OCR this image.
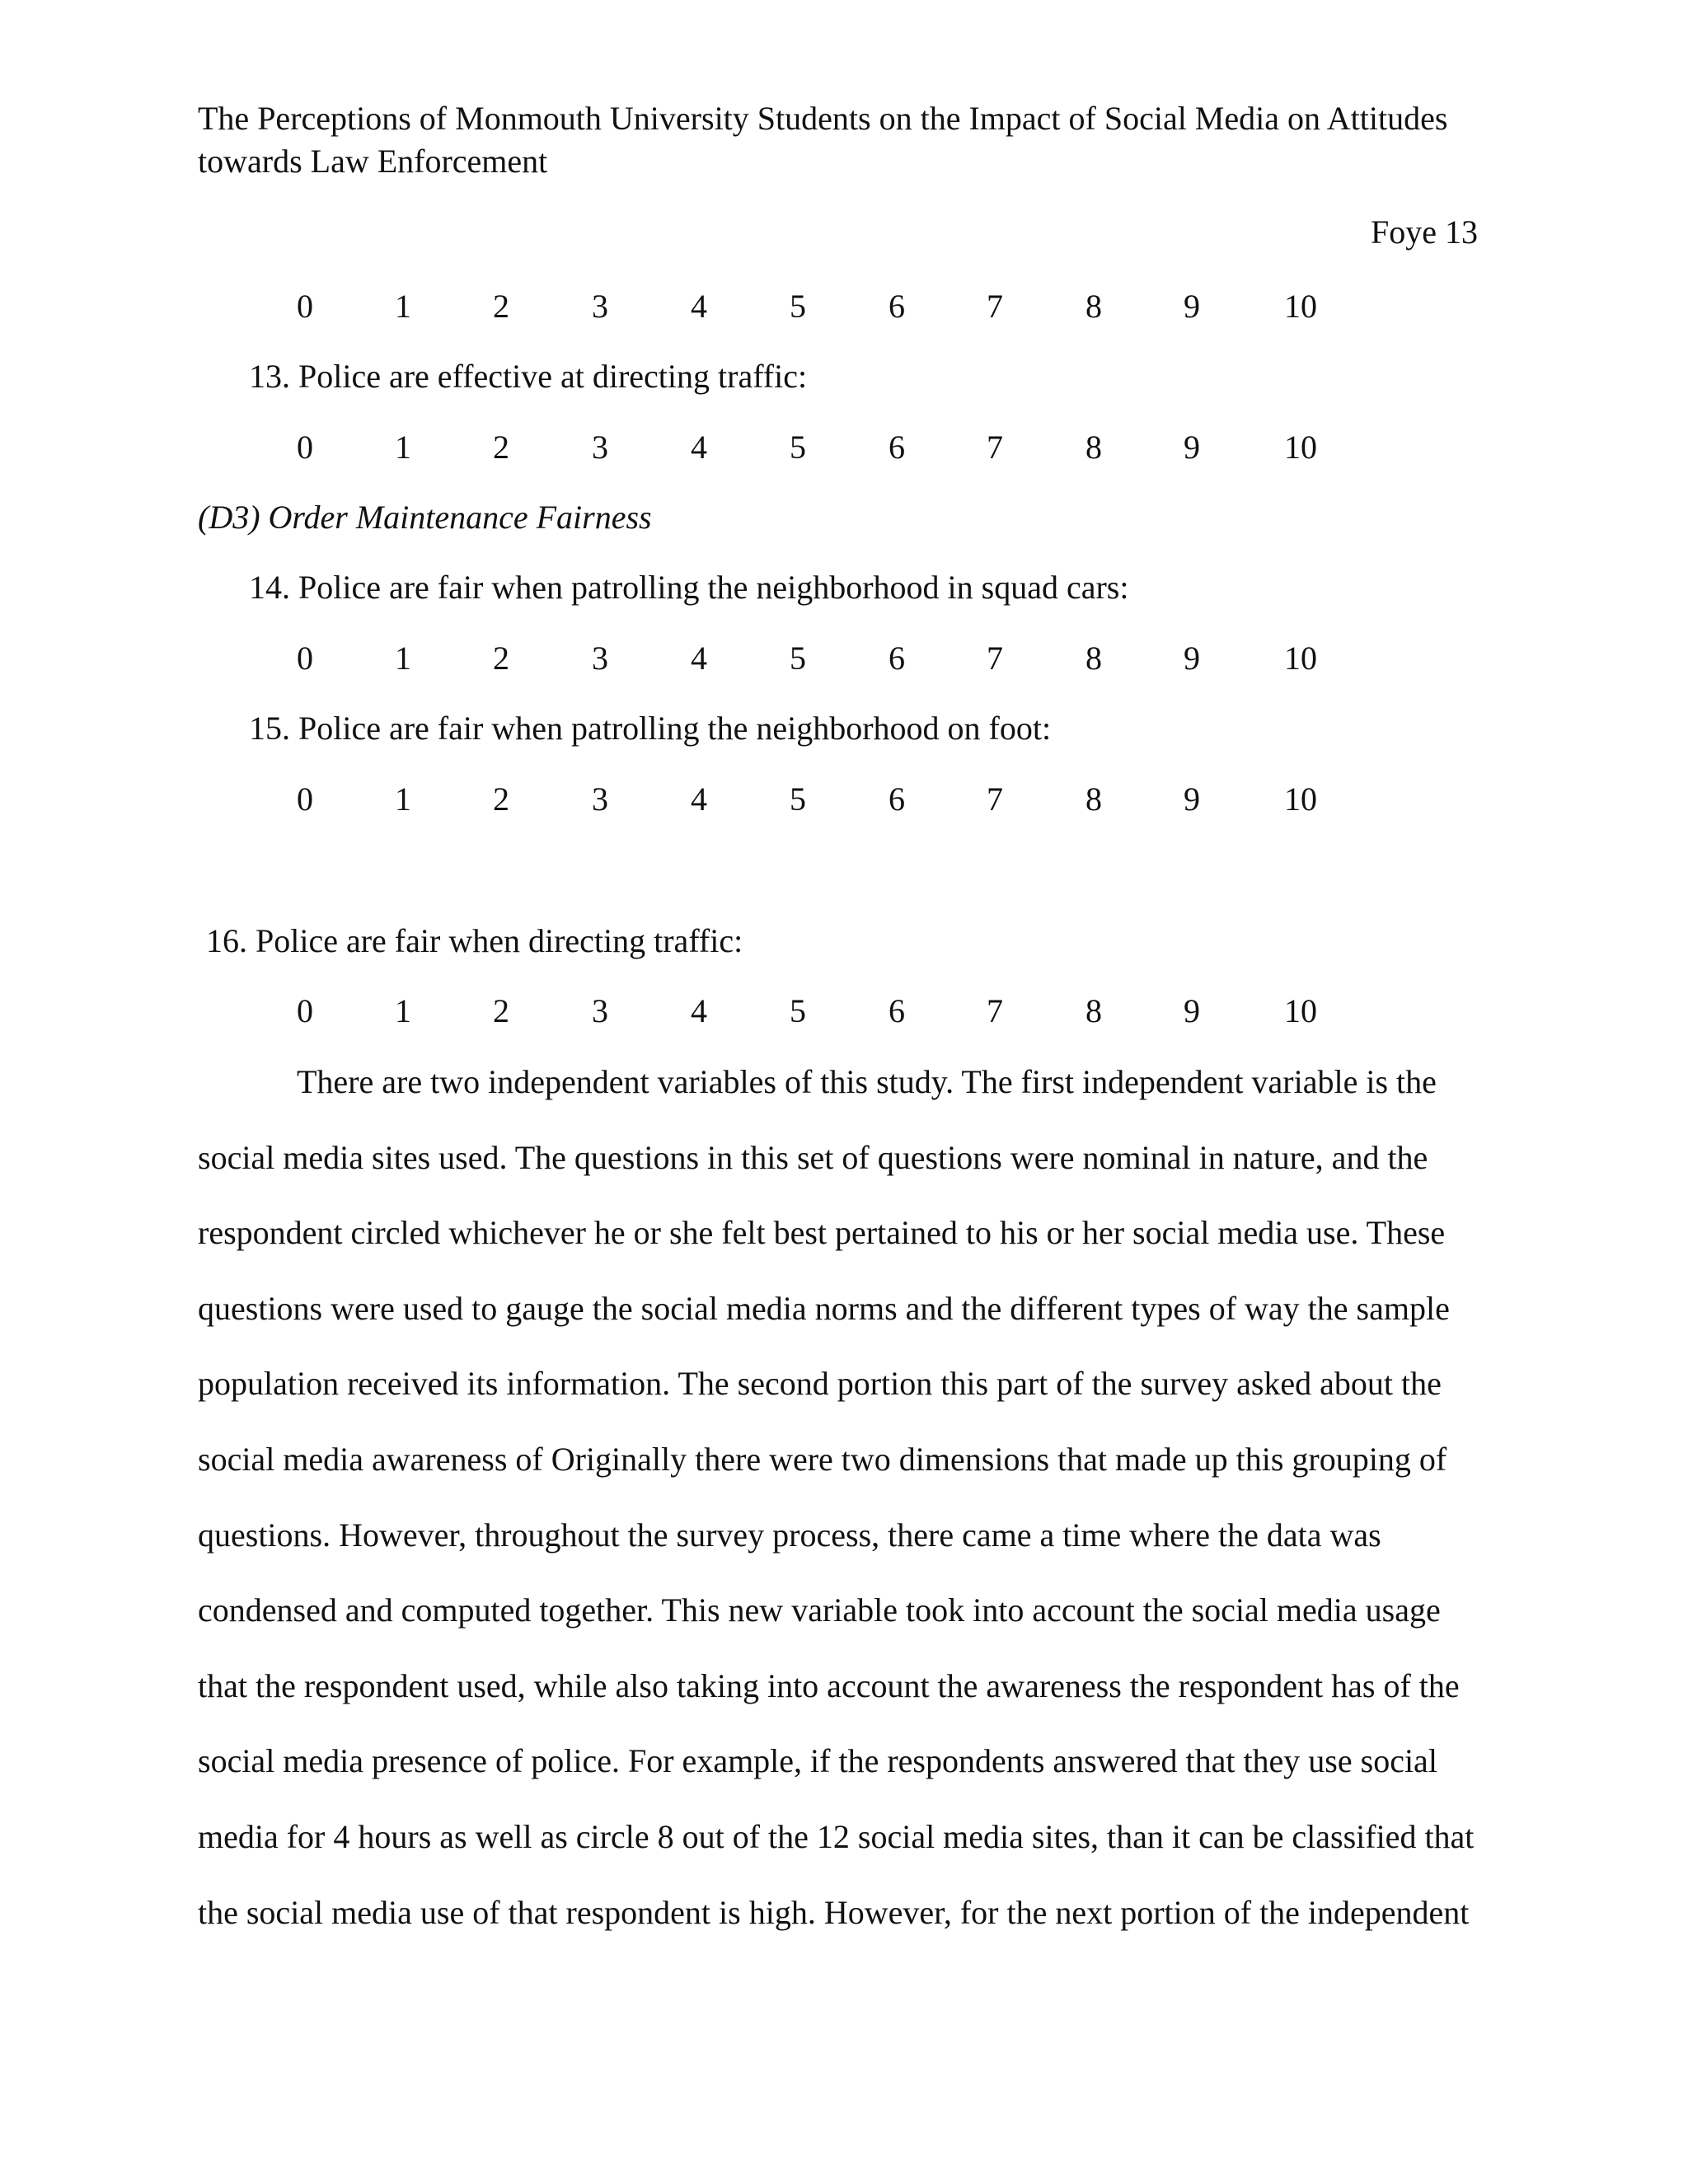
The Perceptions of Monmouth University Students on the Impact of Social Media on Attitudes towards Law Enforcement
Foye 13
0 1 2	3	4	5	6 7	8 9	10
13. Police are effective at directing traffic:
0 1 2	3	4	5	6 7	8 9	10
(D3) Order Maintenance Fairness
14. Police are fair when patrolling the neighborhood in squad cars:
0 1 2	3	4	5	6 7	8 9	10
15. Police are fair when patrolling the neighborhood on foot:
0 1 2	3	4	5	6 7	8 9	10
16. Police are fair when directing traffic:
0 1 2	3	4	5	6 7	8 9	10
There are two independent variables of this study. The first independent variable is the
social media sites used. The questions in this set of questions were nominal in nature, and the
respondent circled whichever he or she felt best pertained to his or her social media use. These
questions were used to gauge the social media norms and the different types of way the sample
population received its information. The second portion this part of the survey asked about the
social media awareness of Originally there were two dimensions that made up this grouping of
questions. However, throughout the survey process, there came a time where the data was
condensed and computed together. This new variable took into account the social media usage
that the respondent used, while also taking into account the awareness the respondent has of the
social media presence of police. For example, if the respondents answered that they use social
media for 4 hours as well as circle 8 out of the 12 social media sites, than it can be classified that
the social media use of that respondent is high. However, for the next portion of the independent
